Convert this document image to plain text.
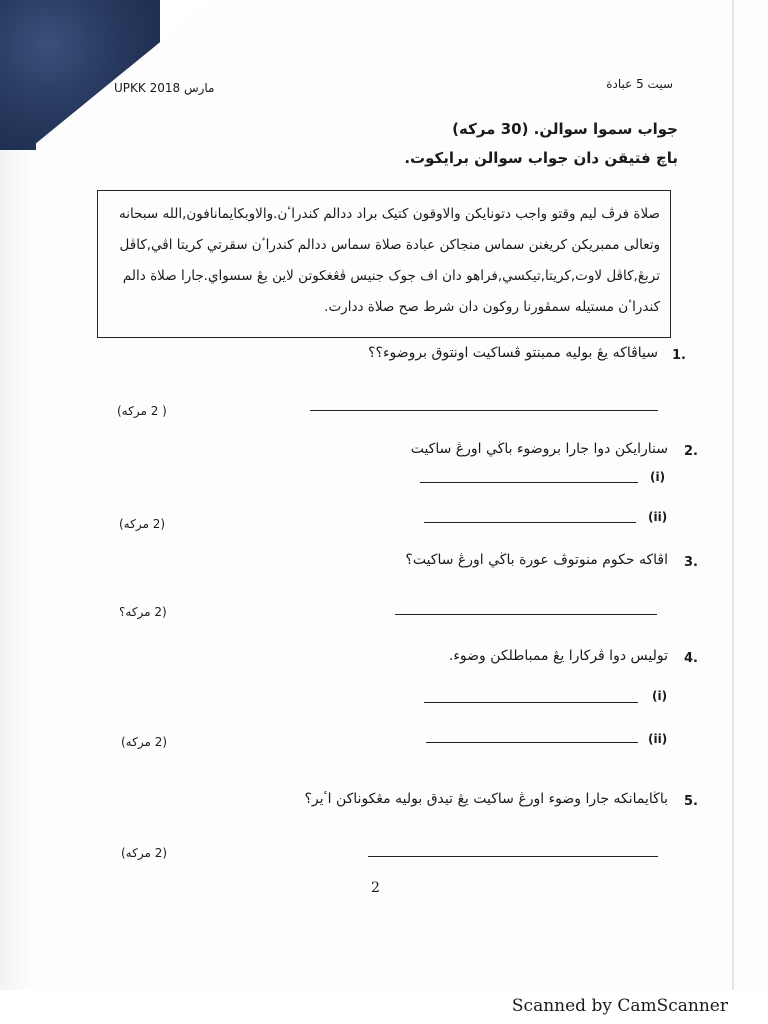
UPKK 2018 مارس	سيت 5 عبادة
جواب سموا سوالن. (30 مركه)
باچ فتيقن دان جواب سوالن برايكوت.
صلاة فرڤ ليم وقتو واجب دتونايكن والاوقون كتيک براد ددالم كندراٴن.والاوبكايمانافون,الله سبحانه
وتعالى ممبريكن كريغنن سماس منجاكن عبادة صلاة سماس ددالم كندراٴن سقرتي كريتا اڤي,كاڤل
تربڠ,كاڤل لاوت,كريتا,تيكسي,فراهو دان اف جوک جنيس ڤڠغكوتن لاين يڠ سسواي.جارا صلاة دالم
كندراٴن مستيله سمڤورنا روكون دان شرط صح صلاة ددارت.
1.
سياڤاكه يڠ بوليه ممبنتو ڤساكيت اونتوق بروضوء؟؟
( 2 مركه)
2.
سنارايكن دوا جارا بروضوء باڬي اورڠ ساكيت
(i)
(ii)
(2 مركه)
3.
اڤاكه حكوم منوتوڤ عورة باڬي اورڠ ساكيت؟
(2 مركه؟
4.
توليس دوا ڤركارا يڠ ممباطلكن وضوء.
(i)
(ii)
(2 مركه)
5.
باڬايمانكه جارا وضوء اورڠ ساكيت يڠ تيدق بوليه مڠكوناكن اٴير؟
(2 مركه)
2
Scanned by CamScanner
